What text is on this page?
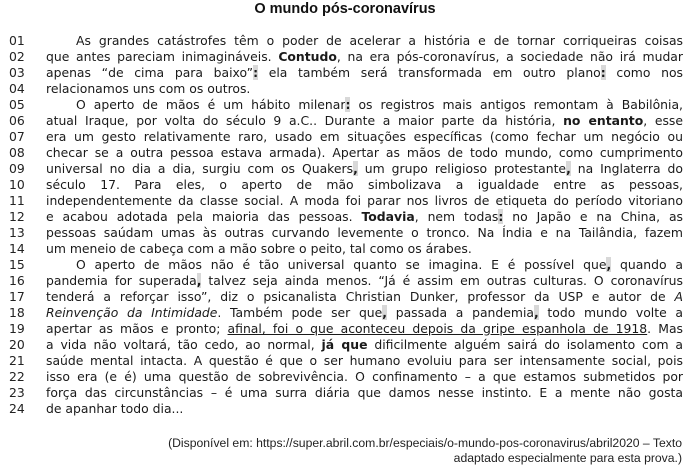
O mundo pós-coronavírus
01	As grandes catástrofes têm o poder de acelerar a história e de tornar corriqueiras coisas
02	que antes pareciam inimagináveis. Contudo, na era pós-coronavírus, a sociedade não irá mudar
03	apenas “de cima para baixo”: ela também será transformada em outro plano: como nos
04	relacionamos uns com os outros.
05	O aperto de mãos é um hábito milenar: os registros mais antigos remontam à Babilônia,
06	atual Iraque, por volta do século 9 a.C.. Durante a maior parte da história, no entanto, esse
07	era um gesto relativamente raro, usado em situações específicas (como fechar um negócio ou
08	checar se a outra pessoa estava armada). Apertar as mãos de todo mundo, como cumprimento
09	universal no dia a dia, surgiu com os Quakers, um grupo religioso protestante, na Inglaterra do
10	século 17. Para eles, o aperto de mão simbolizava a igualdade entre as pessoas,
11	independentemente da classe social. A moda foi parar nos livros de etiqueta do período vitoriano
12	e acabou adotada pela maioria das pessoas. Todavia, nem todas: no Japão e na China, as
13	pessoas saúdam umas às outras curvando levemente o tronco. Na Índia e na Tailândia, fazem
14	um meneio de cabeça com a mão sobre o peito, tal como os árabes.
15	O aperto de mãos não é tão universal quanto se imagina. E é possível que, quando a
16	pandemia for superada, talvez seja ainda menos. “Já é assim em outras culturas. O coronavírus
17	tenderá a reforçar isso”, diz o psicanalista Christian Dunker, professor da USP e autor de A
18	Reinvenção da Intimidade. Também pode ser que, passada a pandemia, todo mundo volte a
19	apertar as mãos e pronto; afinal, foi o que aconteceu depois da gripe espanhola de 1918. Mas
20	a vida não voltará, tão cedo, ao normal, já que dificilmente alguém sairá do isolamento com a
21	saúde mental intacta. A questão é que o ser humano evoluiu para ser intensamente social, pois
22	isso era (e é) uma questão de sobrevivência. O confinamento – a que estamos submetidos por
23	força das circunstâncias – é uma surra diária que damos nesse instinto. E a mente não gosta
24	de apanhar todo dia...
(Disponível em: https://super.abril.com.br/especiais/o-mundo-pos-coronavirus/abril2020 – Texto
adaptado especialmente para esta prova.)
